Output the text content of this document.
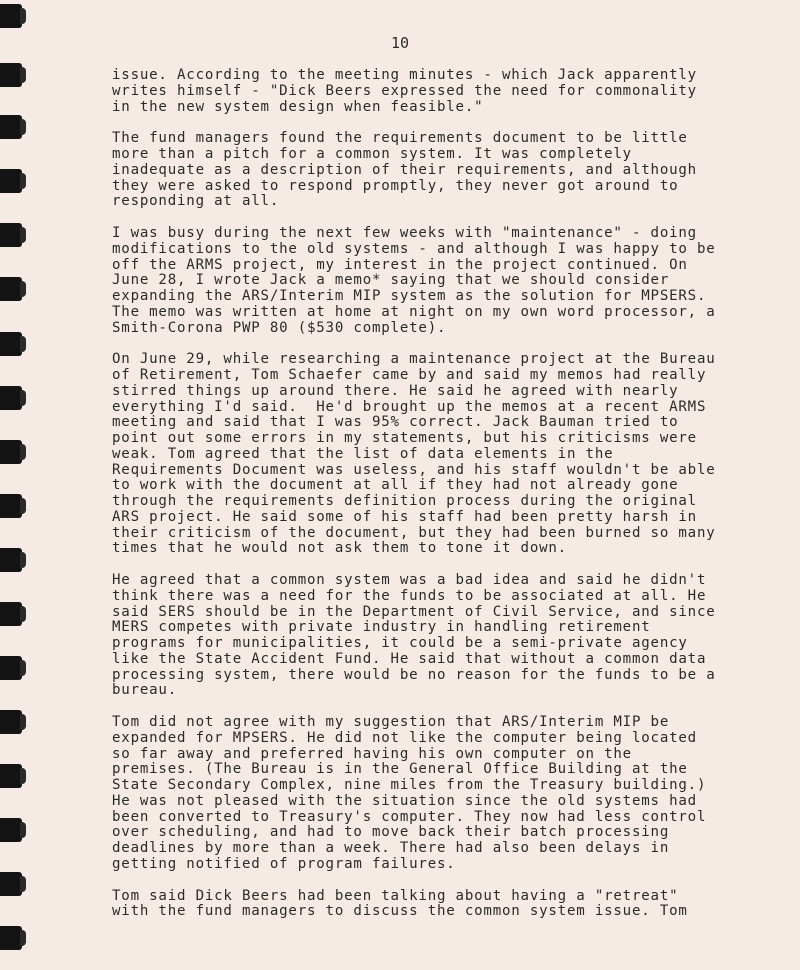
10

issue. According to the meeting minutes - which Jack apparently
writes himself - "Dick Beers expressed the need for commonality
in the new system design when feasible."

The fund managers found the requirements document to be little
more than a pitch for a common system. It was completely
inadequate as a description of their requirements, and although
they were asked to respond promptly, they never got around to
responding at all.

I was busy during the next few weeks with "maintenance" - doing
modifications to the old systems - and although I was happy to be
off the ARMS project, my interest in the project continued. On
June 28, I wrote Jack a memo* saying that we should consider
expanding the ARS/Interim MIP system as the solution for MPSERS.
The memo was written at home at night on my own word processor, a
Smith-Corona PWP 80 ($530 complete).

On June 29, while researching a maintenance project at the Bureau
of Retirement, Tom Schaefer came by and said my memos had really
stirred things up around there. He said he agreed with nearly
everything I'd said.  He'd brought up the memos at a recent ARMS
meeting and said that I was 95% correct. Jack Bauman tried to
point out some errors in my statements, but his criticisms were
weak. Tom agreed that the list of data elements in the
Requirements Document was useless, and his staff wouldn't be able
to work with the document at all if they had not already gone
through the requirements definition process during the original
ARS project. He said some of his staff had been pretty harsh in
their criticism of the document, but they had been burned so many
times that he would not ask them to tone it down.

He agreed that a common system was a bad idea and said he didn't
think there was a need for the funds to be associated at all. He
said SERS should be in the Department of Civil Service, and since
MERS competes with private industry in handling retirement
programs for municipalities, it could be a semi-private agency
like the State Accident Fund. He said that without a common data
processing system, there would be no reason for the funds to be a
bureau.

Tom did not agree with my suggestion that ARS/Interim MIP be
expanded for MPSERS. He did not like the computer being located
so far away and preferred having his own computer on the
premises. (The Bureau is in the General Office Building at the
State Secondary Complex, nine miles from the Treasury building.)
He was not pleased with the situation since the old systems had
been converted to Treasury's computer. They now had less control
over scheduling, and had to move back their batch processing
deadlines by more than a week. There had also been delays in
getting notified of program failures.

Tom said Dick Beers had been talking about having a "retreat"
with the fund managers to discuss the common system issue. Tom
